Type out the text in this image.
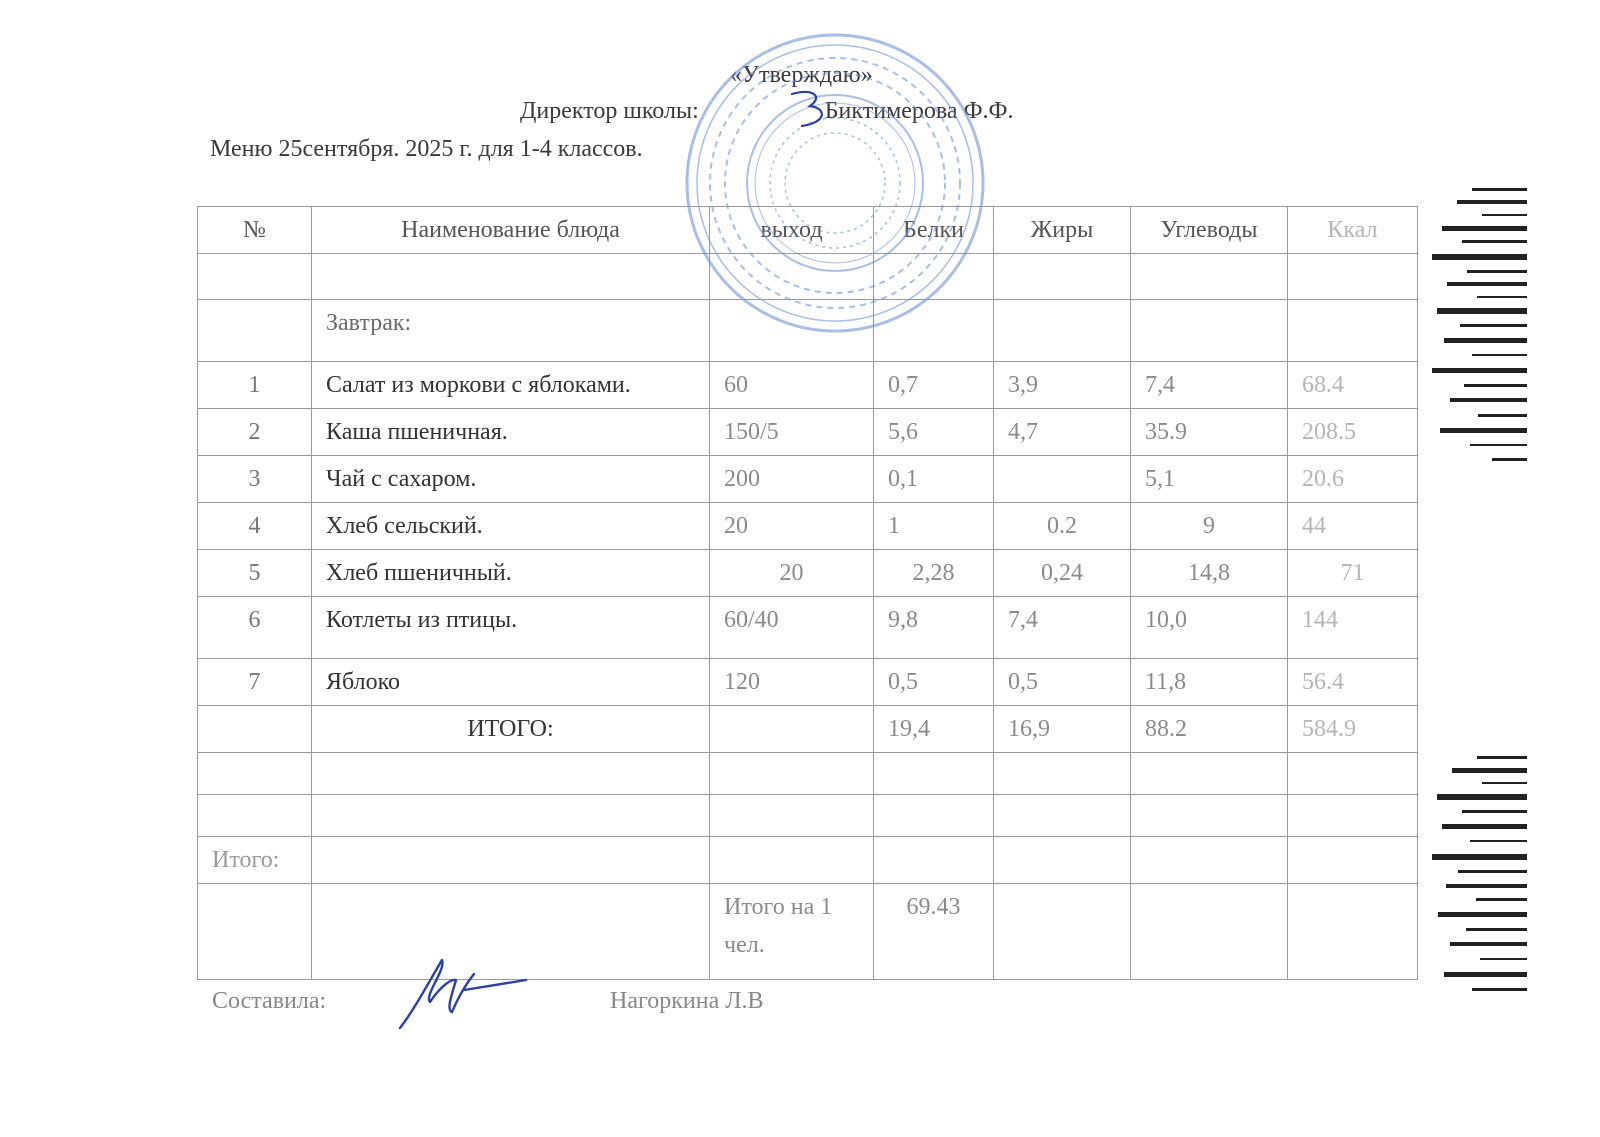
«Утверждаю»
Директор школы:	Биктимерова Ф.Ф.
Меню 25сентября. 2025 г. для 1-4 классов.
№	Наименование блюда	выход	Белки	Жиры	Углеводы	Ккал

	Завтрак:					
1	Салат из моркови с яблоками.	60	0,7	3,9	7,4	68.4
2	Каша пшеничная.	150/5	5,6	4,7	35.9	208.5
3	Чай с сахаром.	200	0,1		5,1	20.6
4	Хлеб сельский.	20	1	0.2	9	44
5	Хлеб пшеничный.	20	2,28	0,24	14,8	71
6	Котлеты из птицы.	60/40	9,8	7,4	10,0	144
7	Яблоко	120	0,5	0,5	11,8	56.4
	ИТОГО:		19,4	16,9	88.2	584.9

Итого:						
		Итого на 1 чел.	69.43			
Составила:	Нагоркина Л.В
